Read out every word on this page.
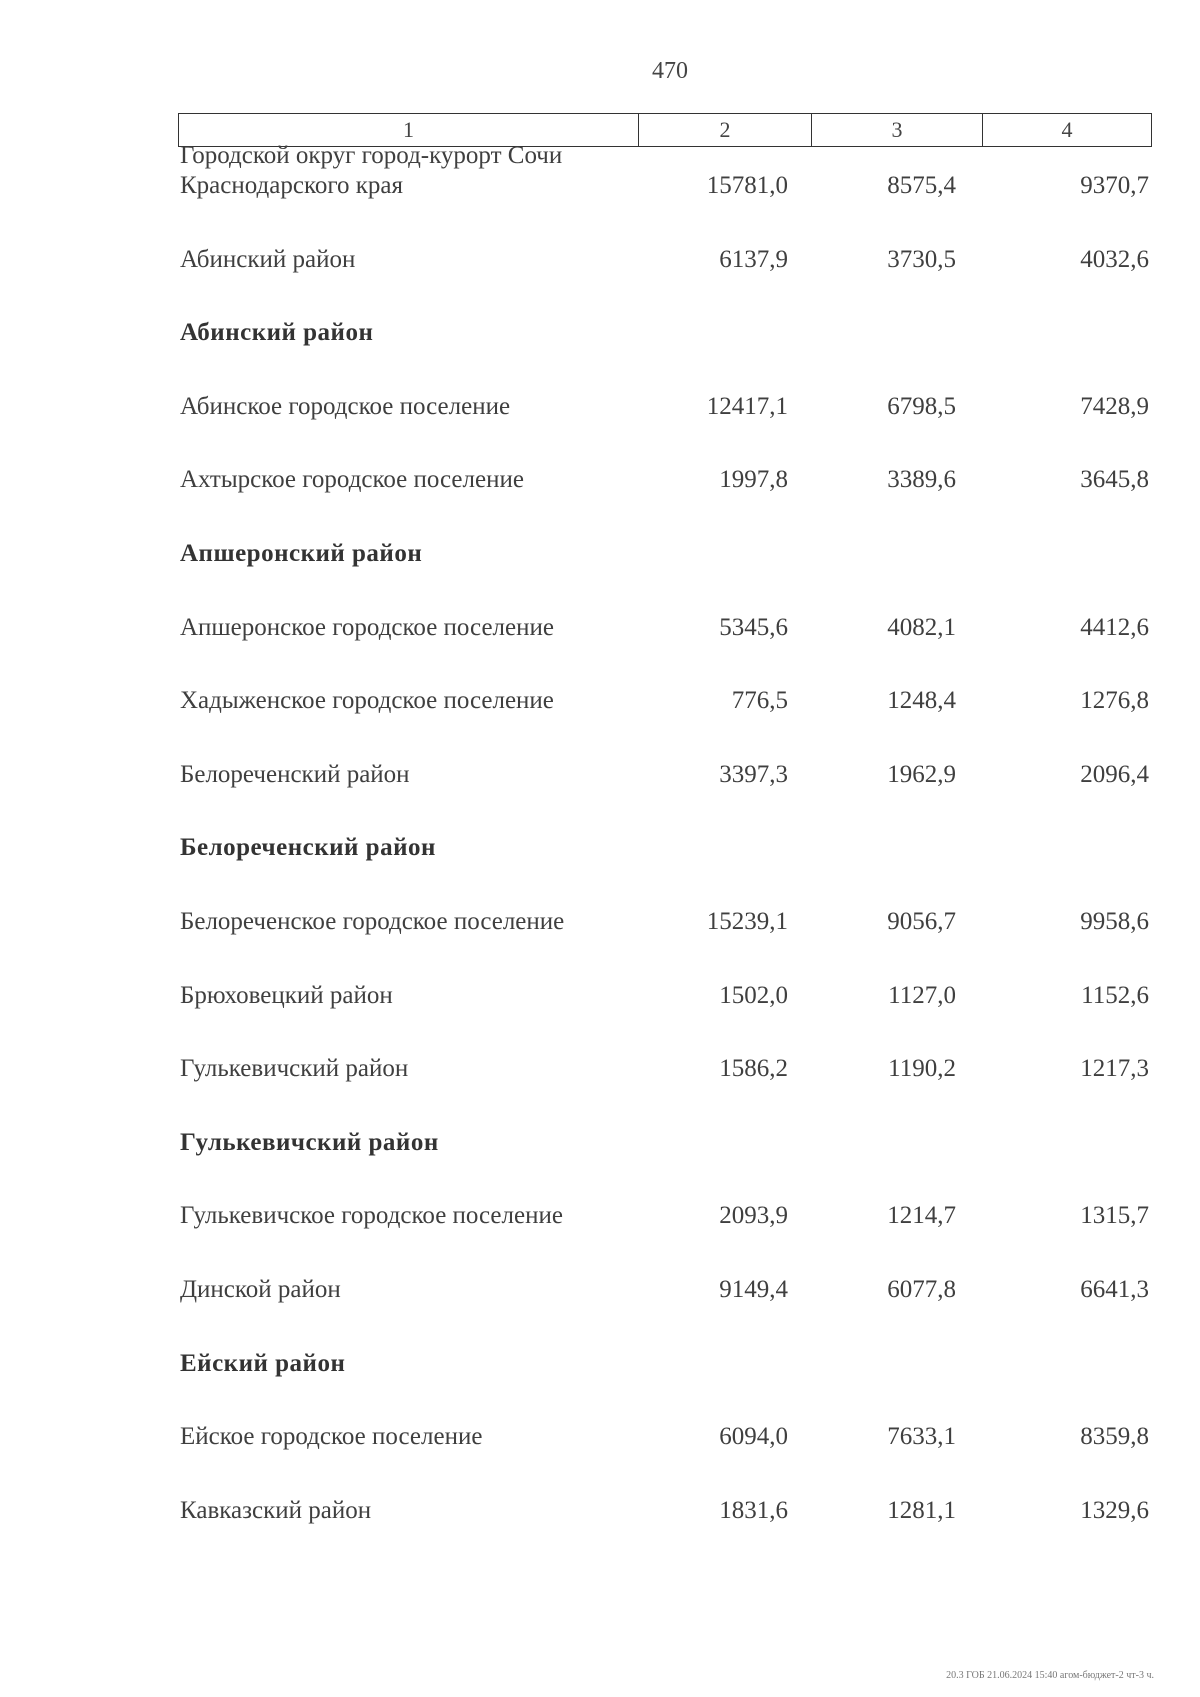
470
1	2	3	4
Городской округ город-курорт Сочи
Краснодарского края	15781,0	8575,4	9370,7
Абинский район	6137,9	3730,5	4032,6
Абинский район
Абинское городское поселение	12417,1	6798,5	7428,9
Ахтырское городское поселение	1997,8	3389,6	3645,8
Апшеронский район
Апшеронское городское поселение	5345,6	4082,1	4412,6
Хадыженское городское поселение	776,5	1248,4	1276,8
Белореченский район	3397,3	1962,9	2096,4
Белореченский район
Белореченское городское поселение	15239,1	9056,7	9958,6
Брюховецкий район	1502,0	1127,0	1152,6
Гулькевичский район	1586,2	1190,2	1217,3
Гулькевичский район
Гулькевичское городское поселение	2093,9	1214,7	1315,7
Динской район	9149,4	6077,8	6641,3
Ейский район
Ейское городское поселение	6094,0	7633,1	8359,8
Кавказский район	1831,6	1281,1	1329,6
20.3 ГОБ 21.06.2024 15:40 агом-бюджет-2 чт-3 ч.
